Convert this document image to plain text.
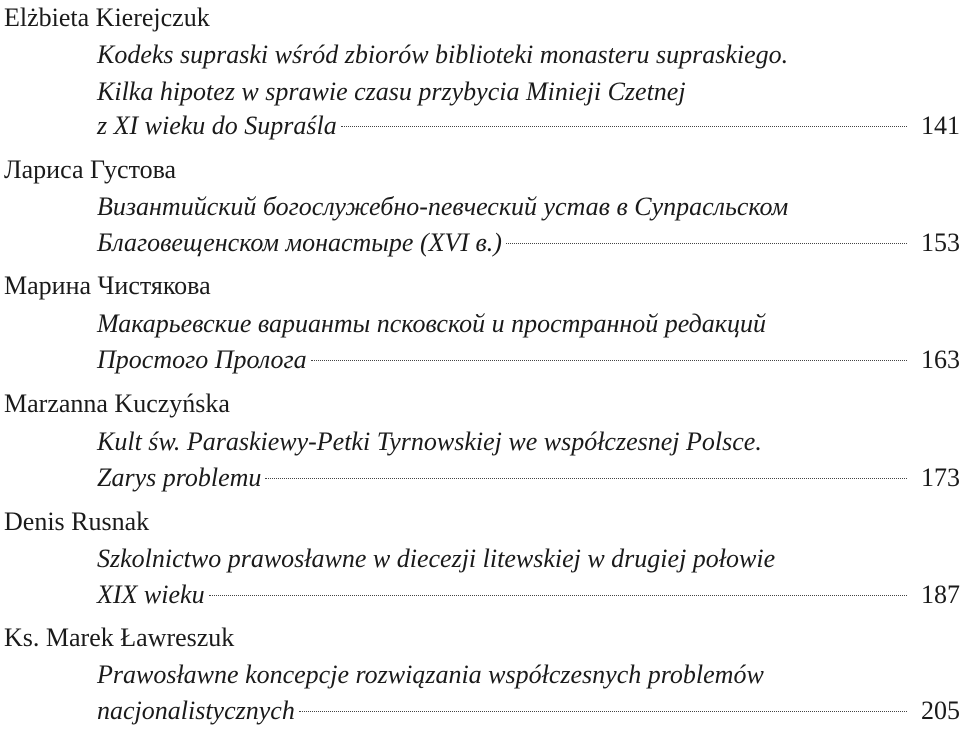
Elżbieta Kierejczuk
Kodeks supraski wśród zbiorów biblioteki monasteru supraskiego.
Kilka hipotez w sprawie czasu przybycia Minieji Czetnej
z XI wieku do Supraśla	141
Лариса Густова
Византийский богослужебно-певческий устав в Супрасльском
Благовещенском монастыре (XVI в.)	153
Марина Чистякова
Макарьевские варианты псковской и пространной редакций
Простого Пролога	163
Marzanna Kuczyńska
Kult św. Paraskiewy-Petki Tyrnowskiej we współczesnej Polsce.
Zarys problemu	173
Denis Rusnak
Szkolnictwo prawosławne w diecezji litewskiej w drugiej połowie
XIX wieku	187
Ks. Marek Ławreszuk
Prawosławne koncepcje rozwiązania współczesnych problemów
nacjonalistycznych	205
